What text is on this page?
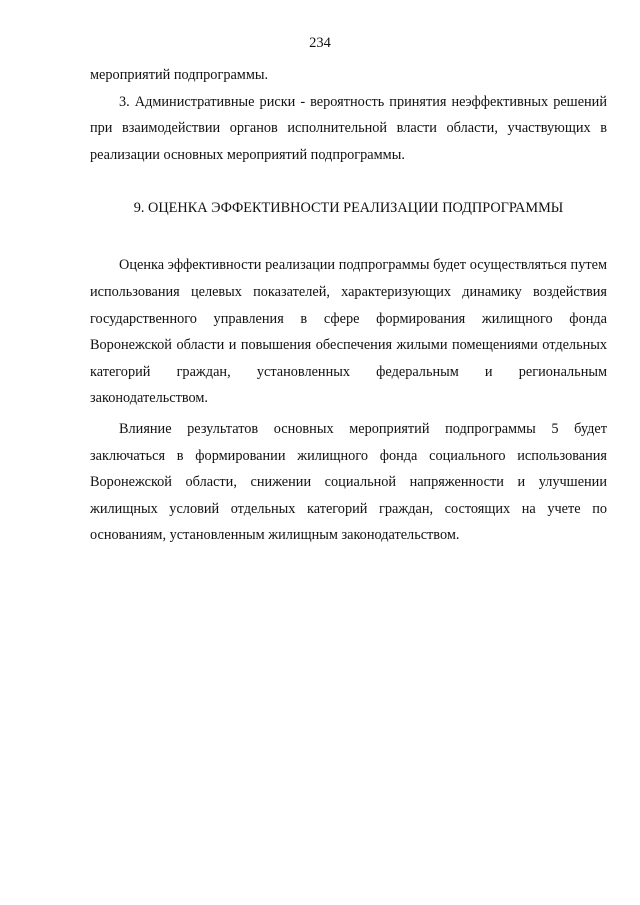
234

мероприятий подпрограммы.

3. Административные риски - вероятность принятия неэффективных решений при взаимодействии органов исполнительной власти области, участвующих в реализации основных мероприятий подпрограммы.

9. ОЦЕНКА ЭФФЕКТИВНОСТИ РЕАЛИЗАЦИИ ПОДПРОГРАММЫ

Оценка эффективности реализации подпрограммы будет осуществляться путем использования целевых показателей, характеризующих динамику воздействия государственного управления в сфере формирования жилищного фонда Воронежской области и повышения обеспечения жилыми помещениями отдельных категорий граждан, установленных федеральным и региональным законодательством.

Влияние результатов основных мероприятий подпрограммы 5 будет заключаться в формировании жилищного фонда социального использования Воронежской области, снижении социальной напряженности и улучшении жилищных условий отдельных категорий граждан, состоящих на учете по основаниям, установленным жилищным законодательством.
